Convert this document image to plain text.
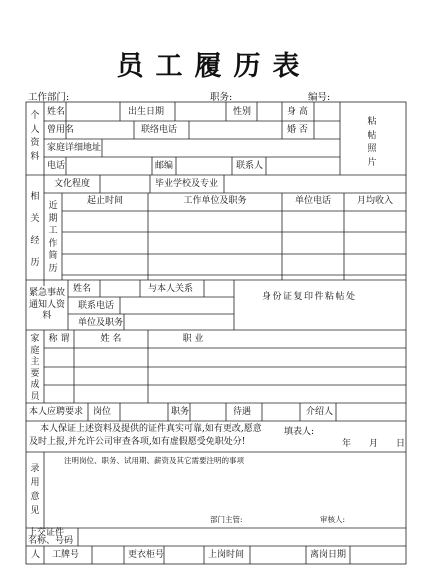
员工履历表
工作部门:	职务:	编号:
个人资料
姓名	出生日期	性别	身 高
曾用名	联络电话	婚 否
家庭详细地址
电话	邮编	联系人
粘帖照片
相关经历
文化程度	毕业学校及专业
近期工作简历
起止时间	工作单位及职务	单位电话	月均收入
紧急事故通知人资料
姓名	与本人关系
联系电话
单位及职务
身份证复印件粘帖处
家庭主要成员
称 谓	姓 名	职 业
本人应聘要求 岗位	职务	待遇	介绍人
本人保证上述资料及提供的证件真实可靠,如有更改,愿意
及时上报,并允许公司审查各项,如有虚假愿受免职处分!
填表人:
年　　月　　日
录用意见
注明岗位、职务、试用期、薪资及其它需要注明的事项
部门主管:	审核人:
上交证件
名称、号码
人 工牌号	更衣柜号	上岗时间	离岗日期
